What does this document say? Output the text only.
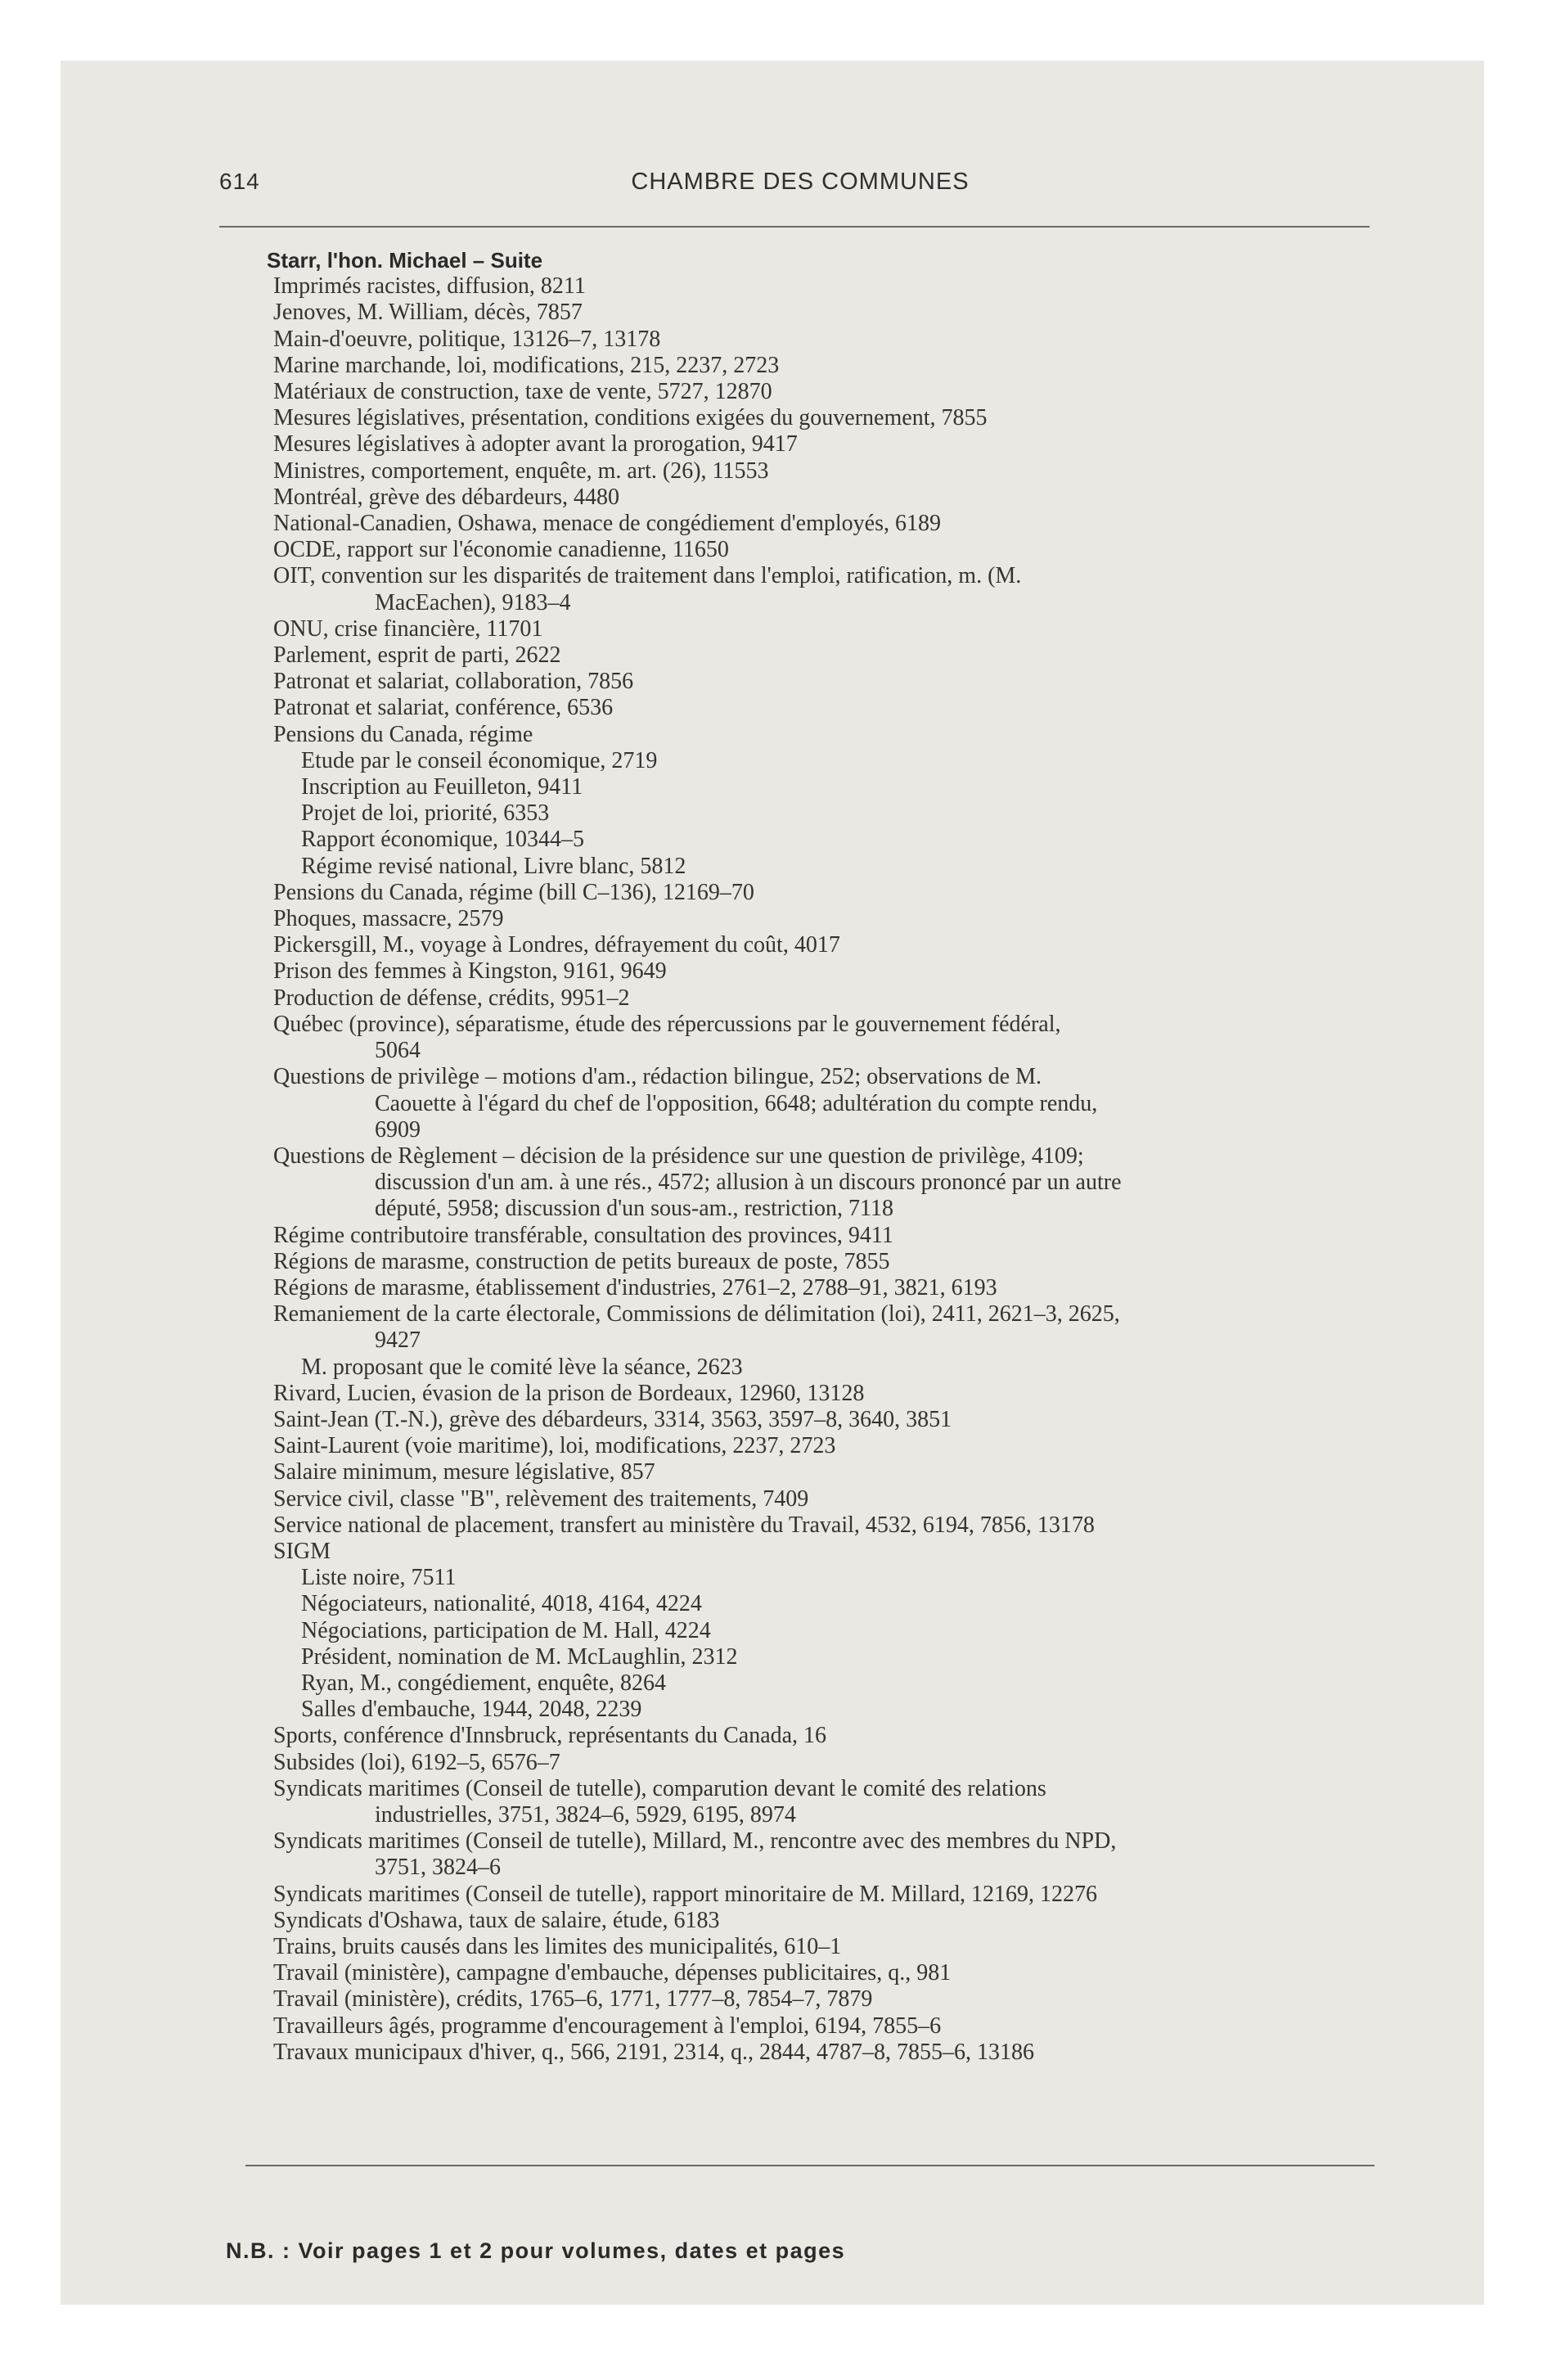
614	CHAMBRE DES COMMUNES
Starr, l'hon. Michael – Suite
Imprimés racistes, diffusion, 8211
Jenoves, M. William, décès, 7857
Main-d'oeuvre, politique, 13126–7, 13178
Marine marchande, loi, modifications, 215, 2237, 2723
Matériaux de construction, taxe de vente, 5727, 12870
Mesures législatives, présentation, conditions exigées du gouvernement, 7855
Mesures législatives à adopter avant la prorogation, 9417
Ministres, comportement, enquête, m. art. (26), 11553
Montréal, grève des débardeurs, 4480
National-Canadien, Oshawa, menace de congédiement d'employés, 6189
OCDE, rapport sur l'économie canadienne, 11650
OIT, convention sur les disparités de traitement dans l'emploi, ratification, m. (M.
MacEachen), 9183–4
ONU, crise financière, 11701
Parlement, esprit de parti, 2622
Patronat et salariat, collaboration, 7856
Patronat et salariat, conférence, 6536
Pensions du Canada, régime
Etude par le conseil économique, 2719
Inscription au Feuilleton, 9411
Projet de loi, priorité, 6353
Rapport économique, 10344–5
Régime revisé national, Livre blanc, 5812
Pensions du Canada, régime (bill C–136), 12169–70
Phoques, massacre, 2579
Pickersgill, M., voyage à Londres, défrayement du coût, 4017
Prison des femmes à Kingston, 9161, 9649
Production de défense, crédits, 9951–2
Québec (province), séparatisme, étude des répercussions par le gouvernement fédéral,
5064
Questions de privilège – motions d'am., rédaction bilingue, 252; observations de M.
Caouette à l'égard du chef de l'opposition, 6648; adultération du compte rendu,
6909
Questions de Règlement – décision de la présidence sur une question de privilège, 4109;
discussion d'un am. à une rés., 4572; allusion à un discours prononcé par un autre
député, 5958; discussion d'un sous-am., restriction, 7118
Régime contributoire transférable, consultation des provinces, 9411
Régions de marasme, construction de petits bureaux de poste, 7855
Régions de marasme, établissement d'industries, 2761–2, 2788–91, 3821, 6193
Remaniement de la carte électorale, Commissions de délimitation (loi), 2411, 2621–3, 2625,
9427
M. proposant que le comité lève la séance, 2623
Rivard, Lucien, évasion de la prison de Bordeaux, 12960, 13128
Saint-Jean (T.-N.), grève des débardeurs, 3314, 3563, 3597–8, 3640, 3851
Saint-Laurent (voie maritime), loi, modifications, 2237, 2723
Salaire minimum, mesure législative, 857
Service civil, classe "B", relèvement des traitements, 7409
Service national de placement, transfert au ministère du Travail, 4532, 6194, 7856, 13178
SIGM
Liste noire, 7511
Négociateurs, nationalité, 4018, 4164, 4224
Négociations, participation de M. Hall, 4224
Président, nomination de M. McLaughlin, 2312
Ryan, M., congédiement, enquête, 8264
Salles d'embauche, 1944, 2048, 2239
Sports, conférence d'Innsbruck, représentants du Canada, 16
Subsides (loi), 6192–5, 6576–7
Syndicats maritimes (Conseil de tutelle), comparution devant le comité des relations
industrielles, 3751, 3824–6, 5929, 6195, 8974
Syndicats maritimes (Conseil de tutelle), Millard, M., rencontre avec des membres du NPD,
3751, 3824–6
Syndicats maritimes (Conseil de tutelle), rapport minoritaire de M. Millard, 12169, 12276
Syndicats d'Oshawa, taux de salaire, étude, 6183
Trains, bruits causés dans les limites des municipalités, 610–1
Travail (ministère), campagne d'embauche, dépenses publicitaires, q., 981
Travail (ministère), crédits, 1765–6, 1771, 1777–8, 7854–7, 7879
Travailleurs âgés, programme d'encouragement à l'emploi, 6194, 7855–6
Travaux municipaux d'hiver, q., 566, 2191, 2314, q., 2844, 4787–8, 7855–6, 13186
N.B. : Voir pages 1 et 2 pour volumes, dates et pages
